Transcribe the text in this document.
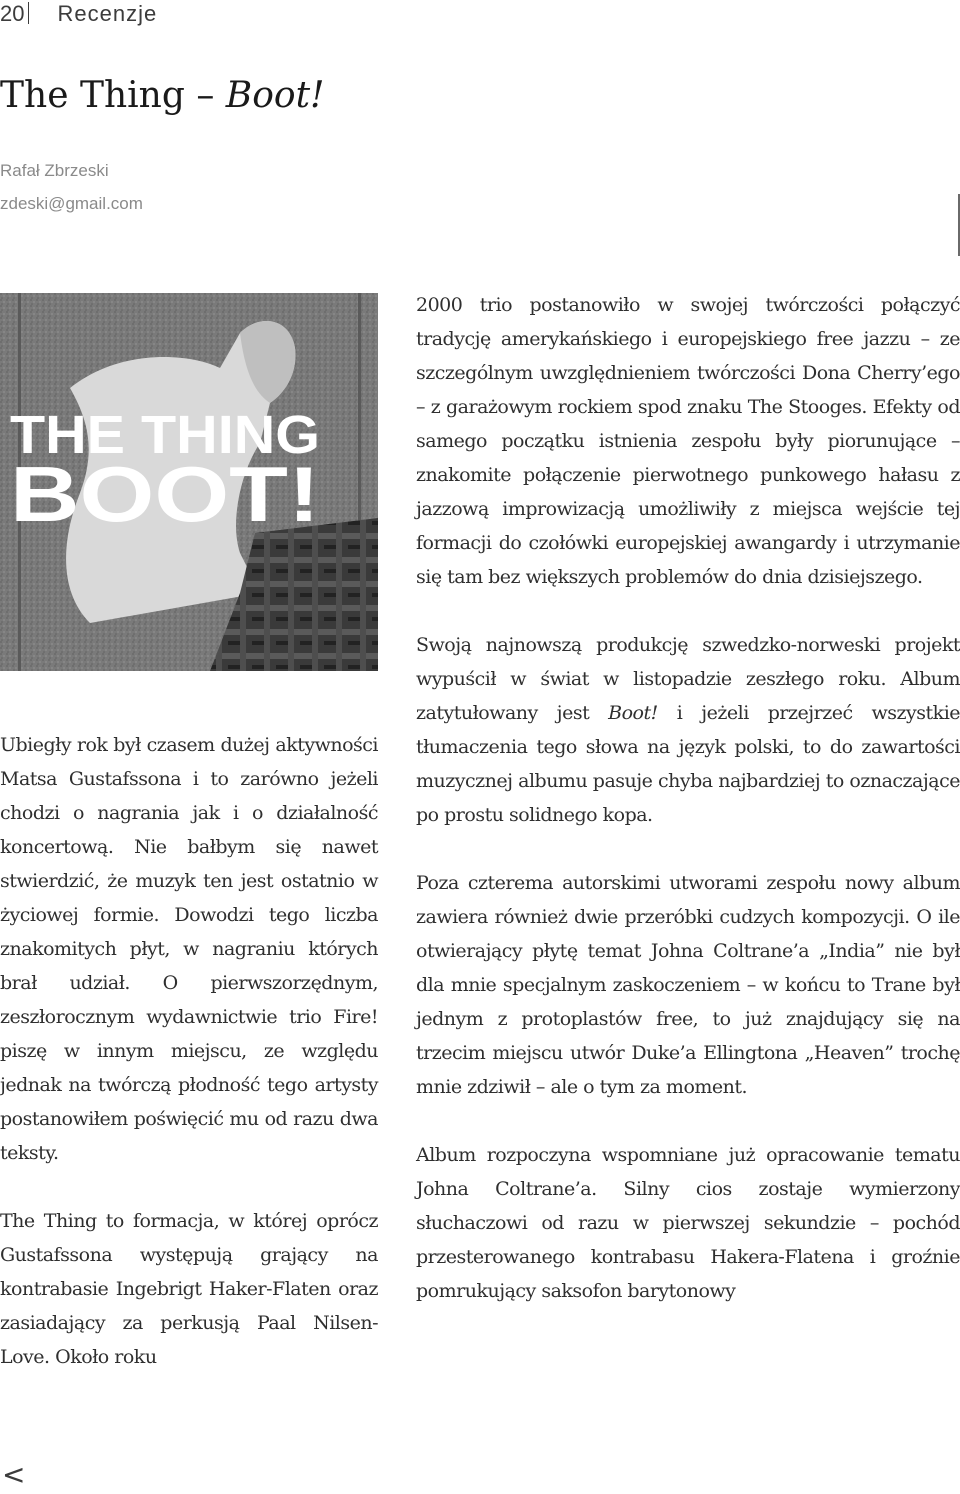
20 Recenzje
The Thing – Boot!
Rafał Zbrzeski
zdeski@gmail.com
THE THING
BOOT!

Ubiegły rok był czasem dużej aktywności Matsa Gustafssona i to zarówno jeżeli chodzi o nagrania jak i o działalność koncertową. Nie bałbym się nawet stwierdzić, że muzyk ten jest ostatnio w życiowej formie. Dowodzi tego liczba znakomitych płyt, w nagraniu których brał udział. O pierwszorzędnym, zeszłorocznym wydawnictwie trio Fire! piszę w innym miejscu, ze względu jednak na twórczą płodność tego artysty postanowiłem poświęcić mu od razu dwa teksty.

The Thing to formacja, w której oprócz Gustafssona występują grający na kontrabasie Ingebrigt Haker-Flaten oraz zasiadający za perkusją Paal Nilsen-Love. Około roku

2000 trio postanowiło w swojej twórczości połączyć tradycję amerykańskiego i europejskiego free jazzu – ze szczególnym uwzględnieniem twórczości Dona Cherry’ego – z garażowym rockiem spod znaku The Stooges. Efekty od samego początku istnienia zespołu były piorunujące – znakomite połączenie pierwotnego punkowego hałasu z jazzową improwizacją umożliwiły z miejsca wejście tej formacji do czołówki europejskiej awangardy i utrzymanie się tam bez większych problemów do dnia dzisiejszego.

Swoją najnowszą produkcję szwedzko-norweski projekt wypuścił w świat w listopadzie zeszłego roku. Album zatytułowany jest Boot! i jeżeli przejrzeć wszystkie tłumaczenia tego słowa na język polski, to do zawartości muzycznej albumu pasuje chyba najbardziej to oznaczające po prostu solidnego kopa.

Poza czterema autorskimi utworami zespołu nowy album zawiera również dwie przeróbki cudzych kompozycji. O ile otwierający płytę temat Johna Coltrane’a „India” nie był dla mnie specjalnym zaskoczeniem – w końcu to Trane był jednym z protoplastów free, to już znajdujący się na trzecim miejscu utwór Duke’a Ellingtona „Heaven” trochę mnie zdziwił – ale o tym za moment.

Album rozpoczyna wspomniane już opracowanie tematu Johna Coltrane’a. Silny cios zostaje wymierzony słuchaczowi od razu w pierwszej sekundzie – pochód przesterowanego kontrabasu Hakera-Flatena i groźnie pomrukujący saksofon barytonowy

<
